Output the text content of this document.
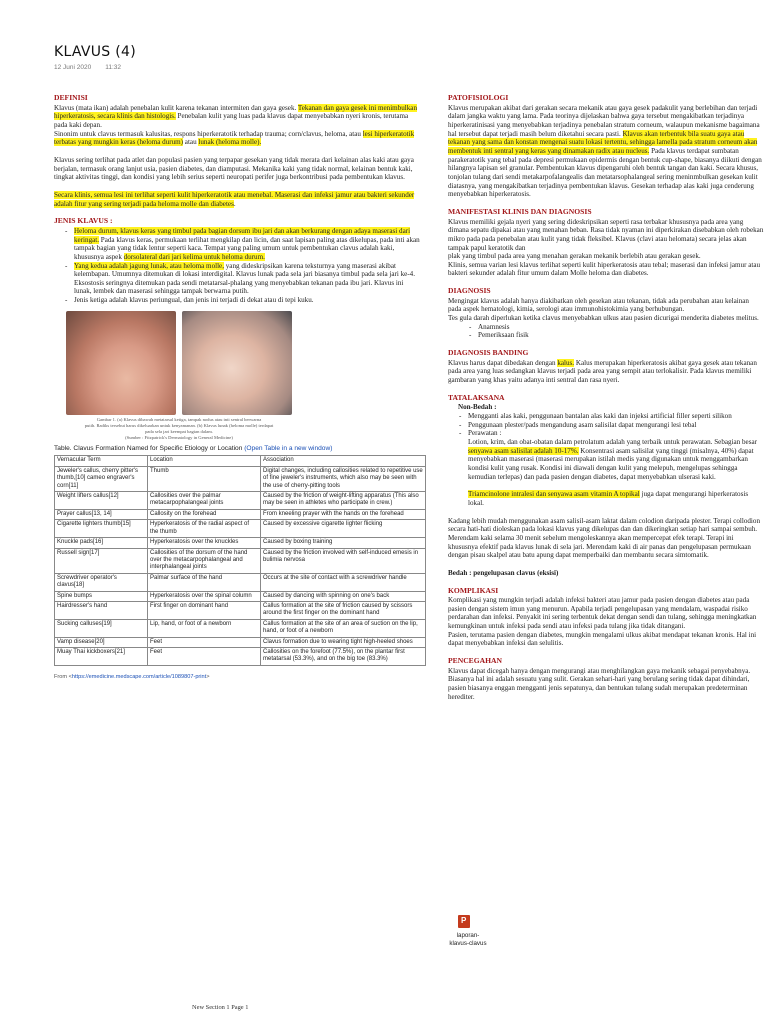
KLAVUS (4)
12 Juni 2020 11:32
DEFINISI
Klavus (mata ikan) adalah penebalan kulit karena tekanan intermiten dan gaya gesek. Tekanan dan gaya gesek ini menimbulkan hiperkeratosis, secara klinis dan histologis. Penebalan kulit yang luas pada klavus dapat menyebabkan nyeri kronis, terutama pada kaki depan.
Sinonim untuk clavus termasuk kalusitas, respons hiperkeratotik terhadap trauma; corn/clavus, heloma, atau lesi hiperkeratotik terbatas yang mungkin keras (heloma durum) atau lunak (heloma molle).
Klavus sering terlihat pada atlet dan populasi pasien yang terpapar gesekan yang tidak merata dari kelainan alas kaki atau gaya berjalan, termasuk orang lanjut usia, pasien diabetes, dan diamputasi. Mekanika kaki yang tidak normal, kelainan bentuk kaki, tingkat aktivitas tinggi, dan kondisi yang lebih serius seperti neuropati perifer juga berkontribusi pada pembentukan klavus.
Secara klinis, semua lesi ini terlihat seperti kulit hiperkeratotik atau menebal. Maserasi dan infeksi jamur atau bakteri sekunder adalah fitur yang sering terjadi pada heloma molle dan diabetes.
JENIS KLAVUS :
- Heloma durum, klavus keras yang timbul pada bagian dorsum ibu jari dan akan berkurang dengan adaya maserasi dari keringat. Pada klavus keras, permukaan terlihat mengkilap dan licin, dan saat lapisan paling atas dikelupas, pada inti akan tampak bagian yang tidak lentur seperti kaca. Tempat yang paling umum untuk pembentukan clavus adalah kaki, khususnya aspek dorsolateral dari jari kelima untuk heloma durum.
- Yang kedua adalah jagung lunak, atau heloma molle, yang dideskripsikan karena teksturnya yang maserasi akibat kelembapan. Umumnya ditemukan di lokasi interdigital. Klavus lunak pada sela jari biasanya timbul pada sela jari ke-4. Eksostosis seringnya ditemukan pada sendi metatarsal-phalang yang menyebabkan tekanan pada ibu jari. Klavus ini lunak, lembek dan maserasi sehingga tampak berwarna putih.
- Jenis ketiga adalah klavus periungual, dan jenis ini terjadi di dekat atau di tepi kuku.
Gambar 1. (a) Klavus dibawah metatarsal ketiga, tampak nodus atau inti sentral berwarna
putih. Radiks tersebut harus dikeluarkan untuk kenyamanan. (b) Klavus lunak (heloma molle) terdapat
pada sela jari keempat bagian dalam.
(Sumber : Fitzpatrick's Dermatology in General Medicine)
Table. Clavus Formation Named for Specific Etiology or Location (Open Table in a new window)
Vernacular Term	Location	Association
Jeweler's callus, cherry pitter's thumb,[10] cameo engraver's corn[11]	Thumb	Digital changes, including callosities related to repetitive use of fine jeweler's instruments, which also may be seen with the use of cherry-pitting tools
Weight lifters callus[12]	Callosities over the palmar metacarpophalangeal joints	Caused by the friction of weight-lifting apparatus (This also may be seen in athletes who participate in crew.)
Prayer callus[13, 14]	Callosity on the forehead	From kneeling prayer with the hands on the forehead
Cigarette lighters thumb[15]	Hyperkeratosis of the radial aspect of the thumb	Caused by excessive cigarette lighter flicking
Knuckle pads[16]	Hyperkeratosis over the knuckles	Caused by boxing training
Russell sign[17]	Callosities of the dorsum of the hand over the metacarpophalangeal and interphalangeal joints	Caused by the friction involved with self-induced emesis in bulimia nervosa
Screwdriver operator's clavus[18]	Palmar surface of the hand	Occurs at the site of contact with a screwdriver handle
Spine bumps	Hyperkeratosis over the spinal column	Caused by dancing with spinning on one's back
Hairdresser's hand	First finger on dominant hand	Callus formation at the site of friction caused by scissors around the first finger on the dominant hand
Sucking calluses[19]	Lip, hand, or foot of a newborn	Callus formation at the site of an area of suction on the lip, hand, or foot of a newborn
Vamp disease[20]	Feet	Clavus formation due to wearing tight high-heeled shoes
Muay Thai kickboxers[21]	Feet	Callosities on the forefoot (77.5%), on the plantar first metatarsal (53.3%), and on the big toe (83.3%)
From <https://emedicine.medscape.com/article/1089807-print>
PATOFISIOLOGI
Klavus merupakan akibat dari gerakan secara mekanik atau gaya gesek padakulit yang berlebihan dan terjadi dalam jangka waktu yang lama. Pada teorinya dijelaskan bahwa gaya tersebut mengakibatkan terjadinya hiperkeratinisasi yang menyebabkan terjadinya penebalan stratum corneum, walaupun mekanisme bagaimana hal tersebut dapat terjadi masih belum diketahui secara pasti. Klavus akan terbentuk bila suatu gaya atau tekanan yang sama dan konstan mengenai suatu lokasi tertentu, sehingga lamella pada stratum corneum akan membentuk inti sentral yang keras yang dinamakan radix atau nucleus. Pada klavus terdapat sumbatan parakeratotik yang tebal pada depresi permukaan epidermis dengan bentuk cup-shape, biasanya diikuti dengan hilangnya lapisan sel granular. Pembentukan klavus dipengaruhi oleh bentuk tangan dan kaki. Secara khusus, tonjolan tulang dari sendi metakarpofalangealis dan metatarsophalangeal sering meninmbulkan gesekan kulit diatasnya, yang mengakibatkan terjadinya pembentukan klavus. Gesekan terhadap alas kaki juga cenderung menyebabkan hiperkeratosis.
MANIFESTASI KLINIS DAN DIAGNOSIS
Klavus memiliki gejala nyeri yang sering dideskripsikan seperti rasa terbakar khususnya pada area yang dimana sepatu dipakai atau yang menahan beban. Rasa tidak nyaman ini diperkirakan disebabkan oleh robekan mikro pada pada penebalan atau kulit yang tidak fleksibel. Klavus (clavi atau helomata) secara jelas akan tampak papul keratotik dan
plak yang timbul pada area yang menahan gerakan mekanik berlebih atau gerakan gesek.
Klinis, semua varian lesi klavus terlihat seperti kulit hiperkeratosis atau tebal; maserasi dan infeksi jamur atau bakteri sekunder adalah fitur umum dalam Molle heloma dan diabetes.
DIAGNOSIS
Mengingat klavus adalah hanya diakibatkan oleh gesekan atau tekanan, tidak ada perubahan atau kelainan pada aspek hematologi, kimia, serologi atau immunohistokimia yang berhubungan.
Tes gula darah diperlukan ketika clavus menyebabkan ulkus atau pasien dicurigai menderita diabetes melitus.
- Anamnesis
- Pemeriksaan fisik
DIAGNOSIS BANDING
Klavus harus dapat dibedakan dengan kalus. Kalus merupakan hiperkeratosis akibat gaya gesek atau tekanan pada area yang luas sedangkan klavus terjadi pada area yang sempit atau terlokalisir. Pada klavus memiliki gambaran yang khas yaitu adanya inti sentral dan rasa nyeri.
TATALAKSANA
Non-Bedah :
- Mengganti alas kaki, penggunaan bantalan alas kaki dan injeksi artificial filler seperti silikon
- Penggunaan plester/pads mengandung asam salisilat dapat mengurangi lesi tebal
- Perawatan :
Lotion, krim, dan obat-obatan dalam petrolatum adalah yang terbaik untuk perawatan. Sebagian besar senyawa asam salisilat adalah 10-17%. Konsentrasi asam salisilat yang tinggi (misalnya, 40%) dapat menyebabkan maserasi (maserasi merupakan istilah medis yang digunakan untuk menggambarkan kondisi kulit yang rusak. Kondisi ini diawali dengan kulit yang melepuh, mengelupas sehingga kemudian terlepas) dan pada pasien dengan diabetes, dapat menyebabkan ulserasi kaki.
Triamcinolone intralesi dan senyawa asam vitamin A topikal juga dapat mengurangi hiperkeratosis lokal.
Kadang lebih mudah menggunakan asam salisil-asam laktat dalam colodion daripada plester. Terapi collodion secara hati-hati dioleskan pada lokasi klavus yang dikelupas dan dan dikeringkan setiap hari sampai sembuh. Merendam kaki selama 30 menit sebelum mengoleskannya akan mempercepat efek terapi. Terapi ini khususnya efektif pada klavus lunak di sela jari. Merendam kaki di air panas dan pengelupasan permukaan dengan pisau skalpel atau batu apung dapat memperbaiki dan membantu secara simtomatik.
Bedah : pengelupasan clavus (eksisi)
KOMPLIKASI
Komplikasi yang mungkin terjadi adalah infeksi bakteri atau jamur pada pasien dengan diabetes atau pada pasien dengan sistem imun yang menurun. Apabila terjadi pengelupasan yang mendalam, waspadai risiko perdarahan dan infeksi. Penyakit ini sering terbentuk dekat dengan sendi dan tulang, sehingga meningkatkan kemungkinan untuk infeksi pada sendi atau infeksi pada tulang jika tidak ditangani.
Pasien, terutama pasien dengan diabetes, mungkin mengalami ulkus akibat mendapat tekanan kronis. Hal ini dapat menyebabkan infeksi dan selulitis.
PENCEGAHAN
Klavus dapat dicegah hanya dengan mengurangi atau menghilangkan gaya mekanik sebagai penyebabnya. Biasanya hal ini adalah sesuatu yang sulit. Gerakan sehari-hari yang berulang sering tidak dapat dihindari, pasien biasanya enggan mengganti jenis sepatunya, dan bentukan tulang sudah merupakan predeterminan herediter.
P
laporan-klavus-clavus
New Section 1 Page 1
